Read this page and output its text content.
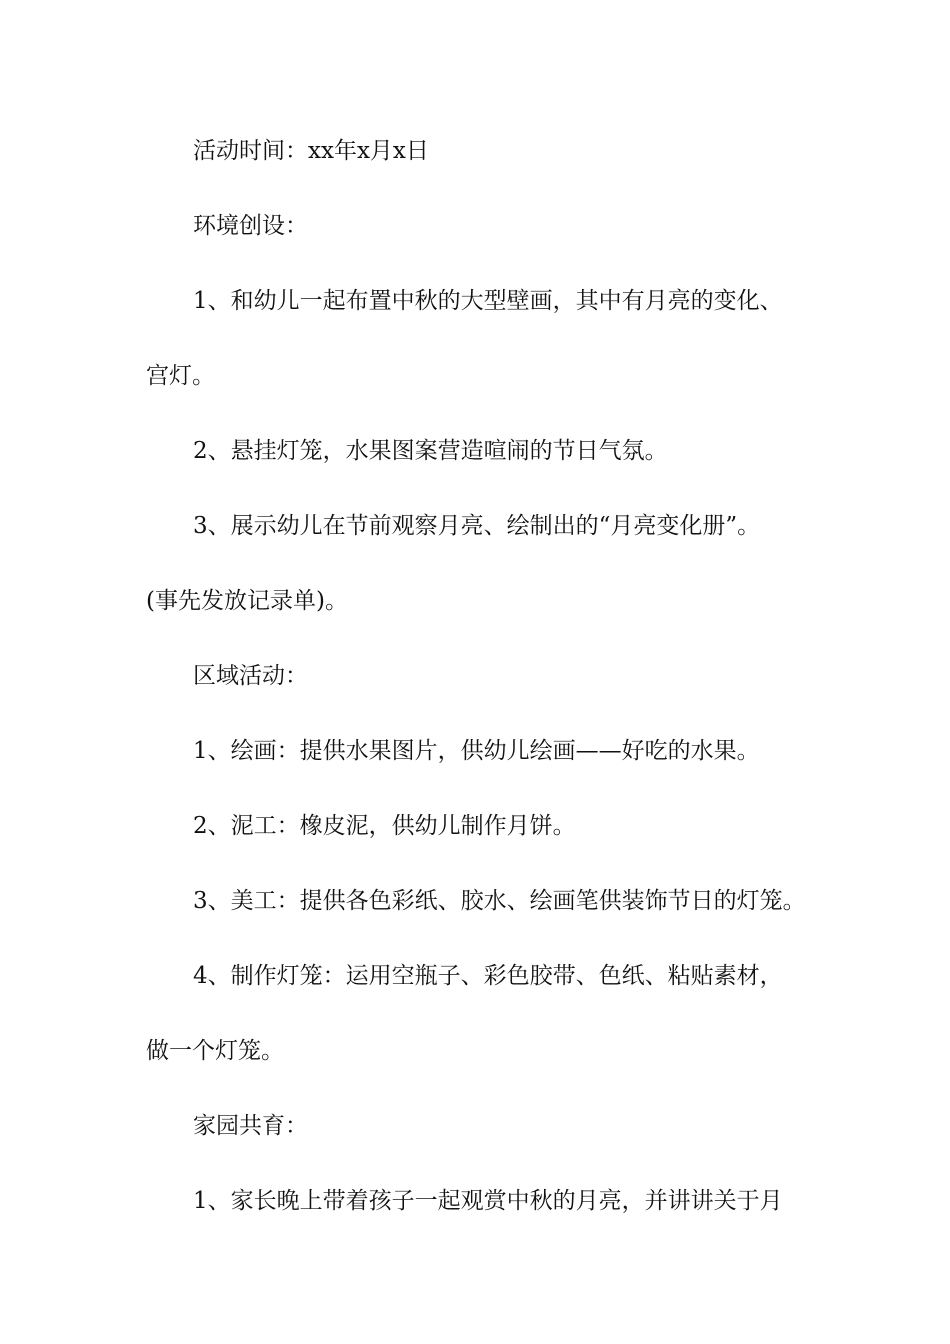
活动时间：xx年x月x日
环境创设：
1、和幼儿一起布置中秋的大型壁画，其中有月亮的变化、
宫灯。
2、悬挂灯笼，水果图案营造喧闹的节日气氛。
3、展示幼儿在节前观察月亮、绘制出的“月亮变化册”。
(事先发放记录单)。
区域活动：
1、绘画：提供水果图片，供幼儿绘画——好吃的水果。
2、泥工：橡皮泥，供幼儿制作月饼。
3、美工：提供各色彩纸、胶水、绘画笔供装饰节日的灯笼。
4、制作灯笼：运用空瓶子、彩色胶带、色纸、粘贴素材，
做一个灯笼。
家园共育：
1、家长晚上带着孩子一起观赏中秋的月亮，并讲讲关于月
